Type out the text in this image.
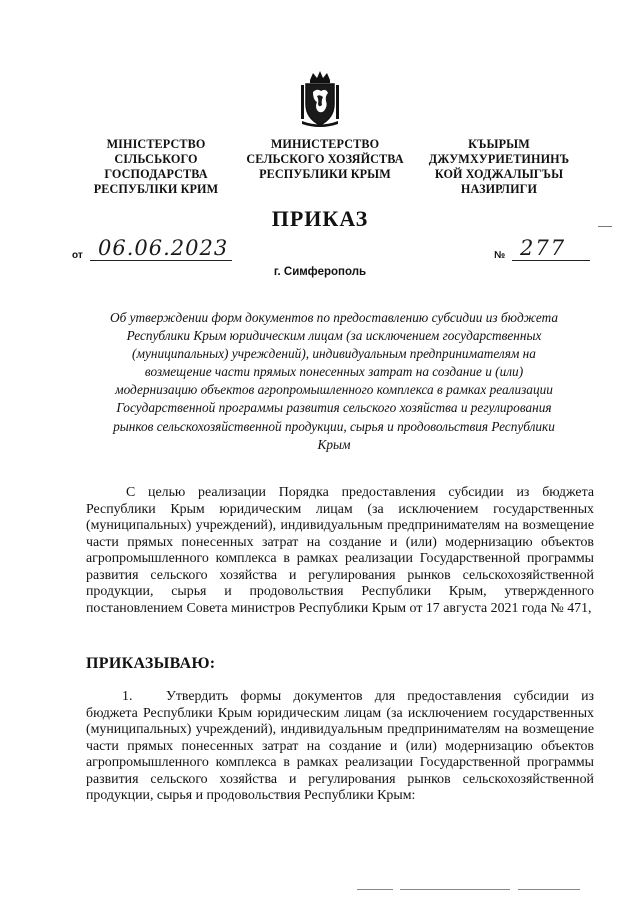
МІНІСТЕРСТВО
СІЛЬСЬКОГО
ГОСПОДАРСТВА
РЕСПУБЛІКИ КРИМ
МИНИСТЕРСТВО
СЕЛЬСКОГО ХОЗЯЙСТВА
РЕСПУБЛИКИ КРЫМ
КЪЫРЫМ
ДЖУМХУРИЕТИНИНЪ
КОЙ ХОДЖАЛЫГЪЫ
НАЗИРЛИГИ
ПРИКАЗ
от 06.06.2023	№ 277
г. Симферополь
Об утверждении форм документов по предоставлению субсидии из бюджета Республики Крым юридическим лицам (за исключением государственных (муниципальных) учреждений), индивидуальным предпринимателям на возмещение части прямых понесенных затрат на создание и (или) модернизацию объектов агропромышленного комплекса в рамках реализации Государственной программы развития сельского хозяйства и регулирования рынков сельскохозяйственной продукции, сырья и продовольствия Республики Крым
С целью реализации Порядка предоставления субсидии из бюджета Республики Крым юридическим лицам (за исключением государственных (муниципальных) учреждений), индивидуальным предпринимателям на возмещение части прямых понесенных затрат на создание и (или) модернизацию объектов агропромышленного комплекса в рамках реализации Государственной программы развития сельского хозяйства и регулирования рынков сельскохозяйственной продукции, сырья и продовольствия Республики Крым, утвержденного постановлением Совета министров Республики Крым от 17 августа 2021 года № 471,
ПРИКАЗЫВАЮ:
1. Утвердить формы документов для предоставления субсидии из бюджета Республики Крым юридическим лицам (за исключением государственных (муниципальных) учреждений), индивидуальным предпринимателям на возмещение части прямых понесенных затрат на создание и (или) модернизацию объектов агропромышленного комплекса в рамках реализации Государственной программы развития сельского хозяйства и регулирования рынков сельскохозяйственной продукции, сырья и продовольствия Республики Крым:
